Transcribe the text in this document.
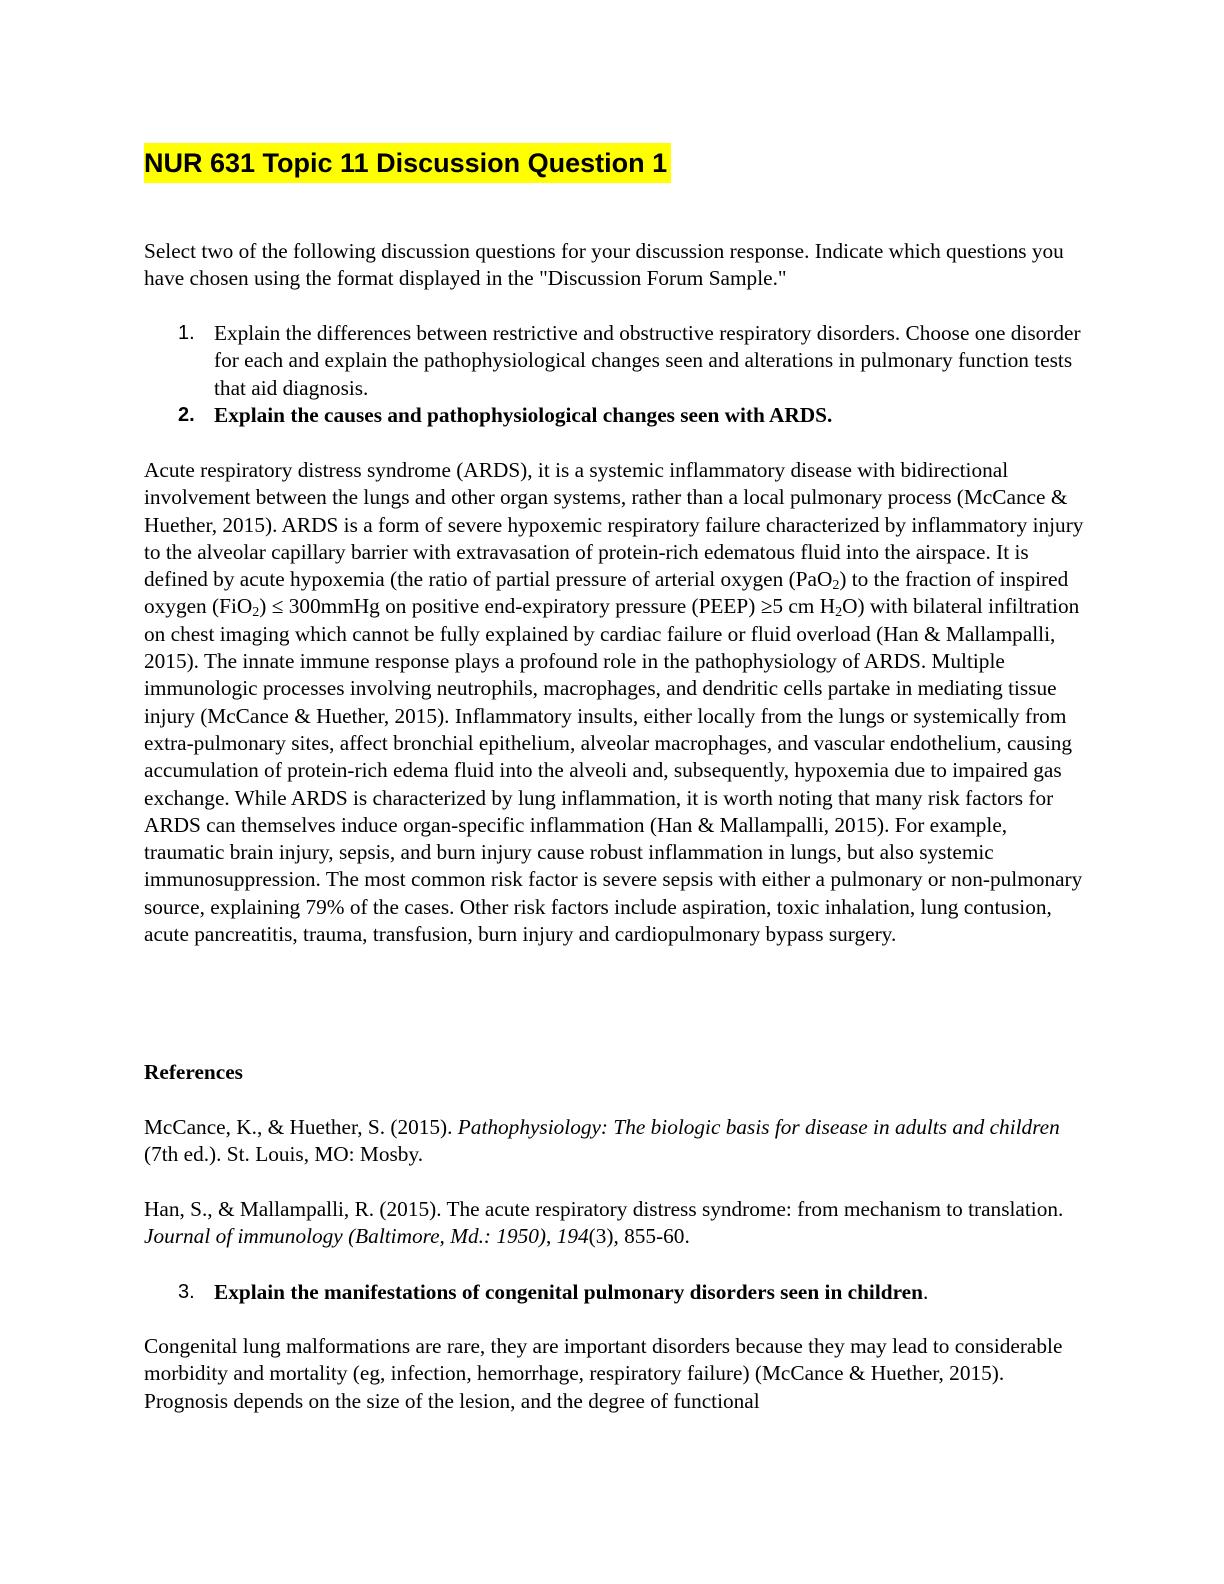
NUR 631 Topic 11 Discussion Question 1

Select two of the following discussion questions for your discussion response. Indicate which questions you have chosen using the format displayed in the "Discussion Forum Sample."

1. Explain the differences between restrictive and obstructive respiratory disorders. Choose one disorder for each and explain the pathophysiological changes seen and alterations in pulmonary function tests that aid diagnosis.
2. Explain the causes and pathophysiological changes seen with ARDS.

Acute respiratory distress syndrome (ARDS), it is a systemic inflammatory disease with bidirectional involvement between the lungs and other organ systems, rather than a local pulmonary process (McCance & Huether, 2015). ARDS is a form of severe hypoxemic respiratory failure characterized by inflammatory injury to the alveolar capillary barrier with extravasation of protein-rich edematous fluid into the airspace. It is defined by acute hypoxemia (the ratio of partial pressure of arterial oxygen (PaO$_2$) to the fraction of inspired oxygen (FiO$_2$) ≤ 300mmHg on positive end-expiratory pressure (PEEP) ≥5 cm $H_2O$) with bilateral infiltration on chest imaging which cannot be fully explained by cardiac failure or fluid overload (Han & Mallampalli, 2015). The innate immune response plays a profound role in the pathophysiology of ARDS. Multiple immunologic processes involving neutrophils, macrophages, and dendritic cells partake in mediating tissue injury (McCance & Huether, 2015). Inflammatory insults, either locally from the lungs or systemically from extra-pulmonary sites, affect bronchial epithelium, alveolar macrophages, and vascular endothelium, causing accumulation of protein-rich edema fluid into the alveoli and, subsequently, hypoxemia due to impaired gas exchange. While ARDS is characterized by lung inflammation, it is worth noting that many risk factors for ARDS can themselves induce organ-specific inflammation (Han & Mallampalli, 2015). For example, traumatic brain injury, sepsis, and burn injury cause robust inflammation in lungs, but also systemic immunosuppression. The most common risk factor is severe sepsis with either a pulmonary or non-pulmonary source, explaining 79% of the cases. Other risk factors include aspiration, toxic inhalation, lung contusion, acute pancreatitis, trauma, transfusion, burn injury and cardiopulmonary bypass surgery.

References

McCance, K., & Huether, S. (2015). Pathophysiology: The biologic basis for disease in adults and children (7th ed.). St. Louis, MO: Mosby.

Han, S., & Mallampalli, R. (2015). The acute respiratory distress syndrome: from mechanism to translation. Journal of immunology (Baltimore, Md.: 1950), 194(3), 855-60.

3. Explain the manifestations of congenital pulmonary disorders seen in children.

Congenital lung malformations are rare, they are important disorders because they may lead to considerable morbidity and mortality (eg, infection, hemorrhage, respiratory failure) (McCance & Huether, 2015). Prognosis depends on the size of the lesion, and the degree of functional
